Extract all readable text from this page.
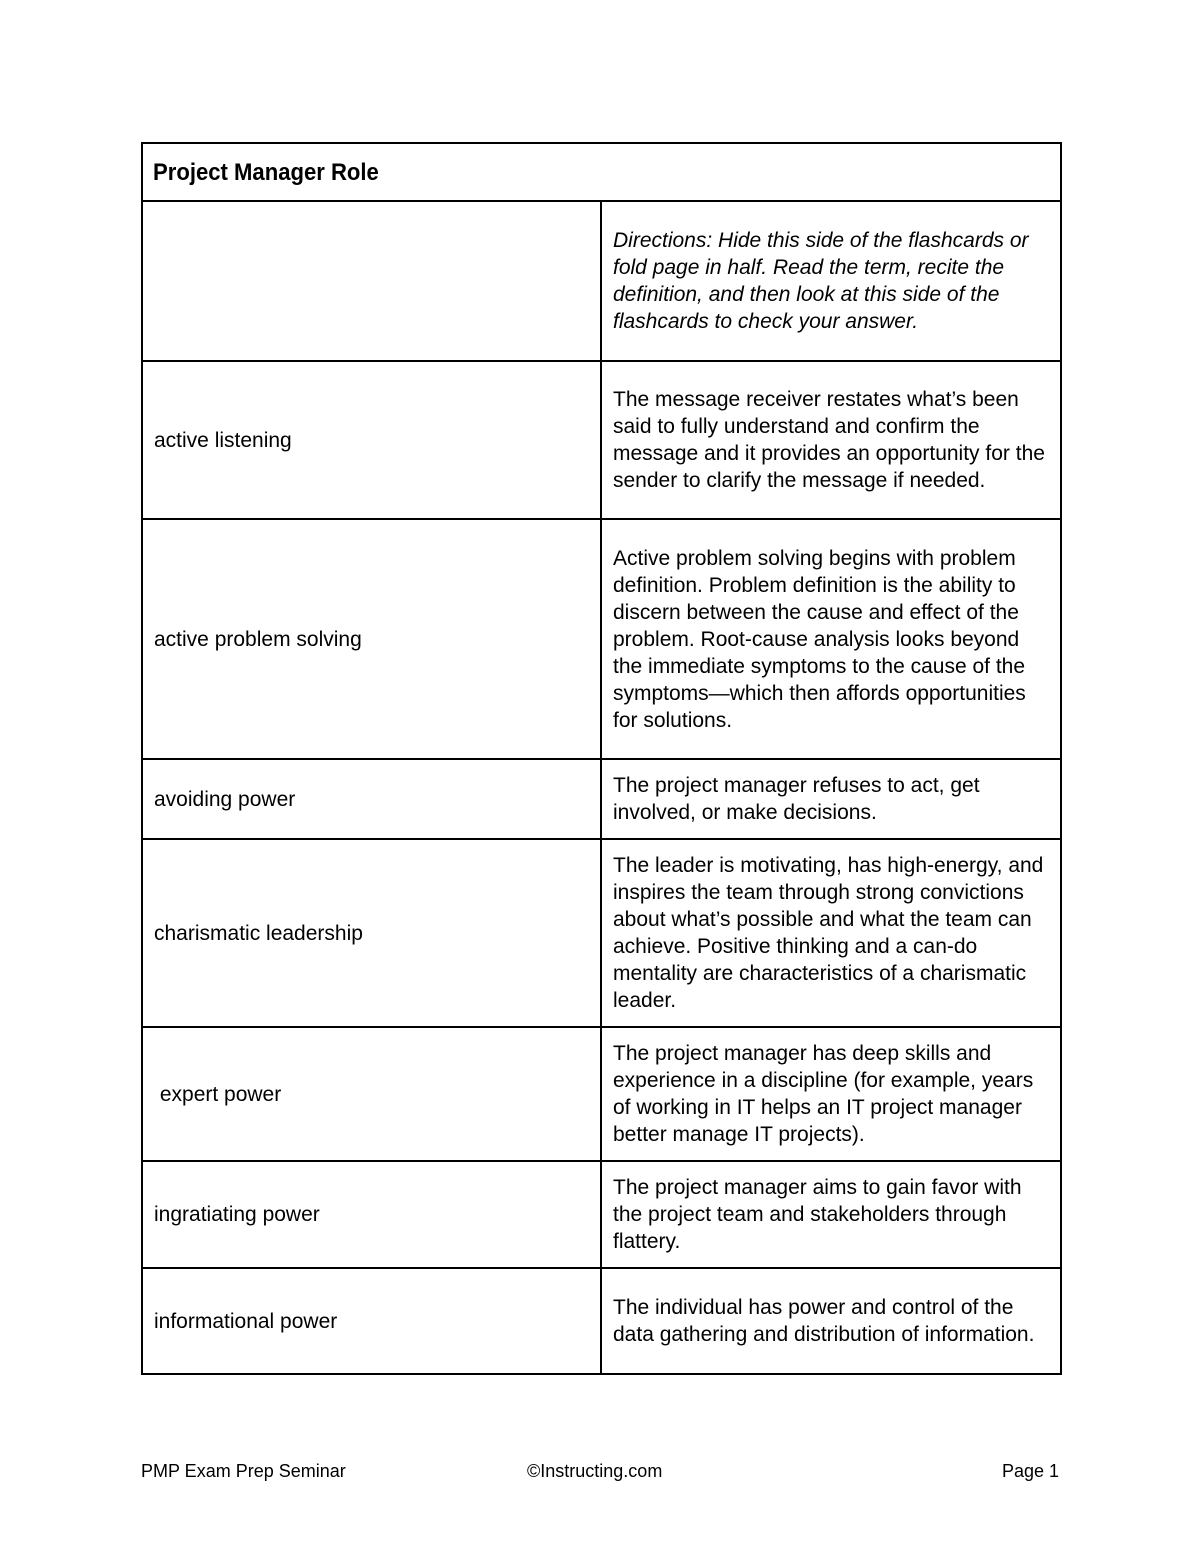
Project Manager Role	
	Directions: Hide this side of the flashcards or fold page in half. Read the term, recite the definition, and then look at this side of the flashcards to check your answer.
active listening	The message receiver restates what’s been said to fully understand and confirm the message and it provides an opportunity for the sender to clarify the message if needed.
active problem solving	Active problem solving begins with problem definition. Problem definition is the ability to discern between the cause and effect of the problem. Root-cause analysis looks beyond the immediate symptoms to the cause of the symptoms—which then affords opportunities for solutions.
avoiding power	The project manager refuses to act, get involved, or make decisions.
charismatic leadership	The leader is motivating, has high-energy, and inspires the team through strong convictions about what’s possible and what the team can achieve. Positive thinking and a can-do mentality are characteristics of a charismatic leader.
expert power	The project manager has deep skills and experience in a discipline (for example, years of working in IT helps an IT project manager better manage IT projects).
ingratiating power	The project manager aims to gain favor with the project team and stakeholders through flattery.
informational power	The individual has power and control of the data gathering and distribution of information.
PMP Exam Prep Seminar	©Instructing.com	Page 1
